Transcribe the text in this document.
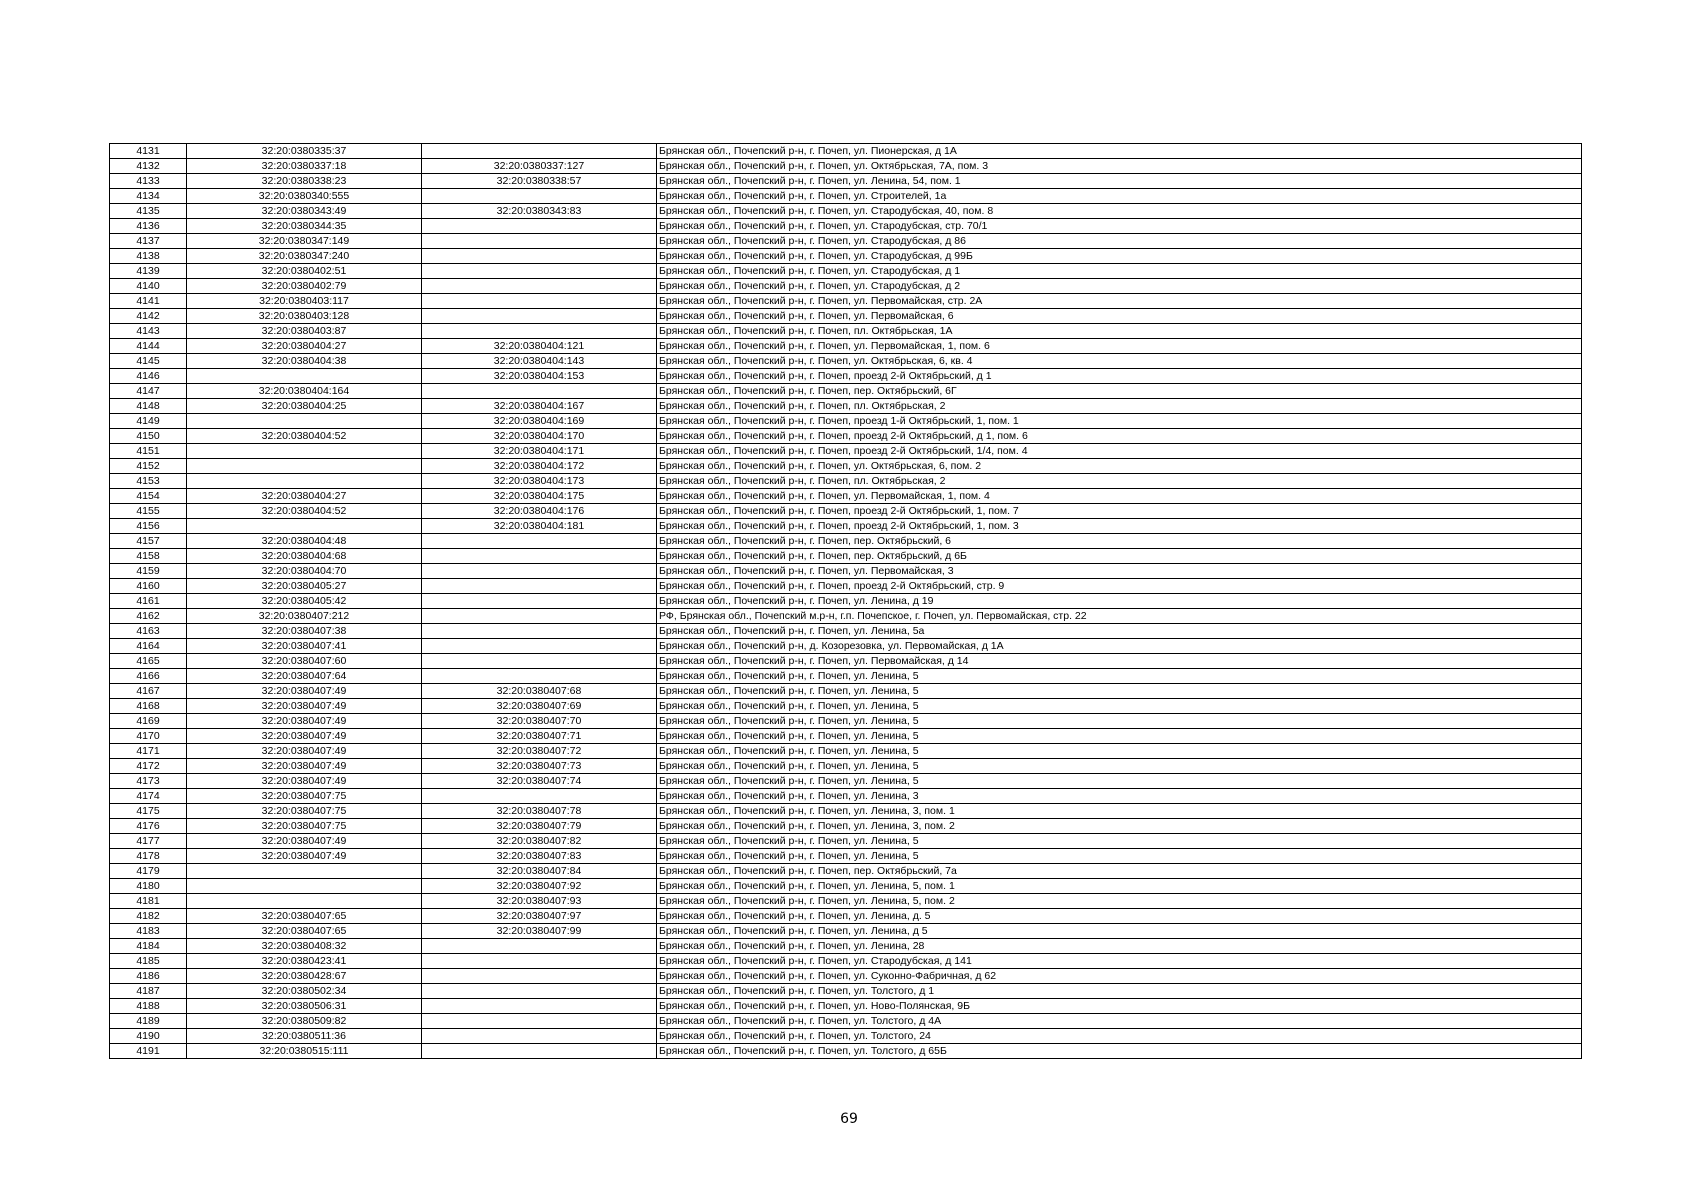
4131	32:20:0380335:37		Брянская обл., Почепский р-н, г. Почеп, ул. Пионерская, д 1А
4132	32:20:0380337:18	32:20:0380337:127	Брянская обл., Почепский р-н, г. Почеп, ул. Октябрьская, 7А, пом. 3
4133	32:20:0380338:23	32:20:0380338:57	Брянская обл., Почепский р-н, г. Почеп, ул. Ленина, 54, пом. 1
4134	32:20:0380340:555		Брянская обл., Почепский р-н, г. Почеп, ул. Строителей, 1а
4135	32:20:0380343:49	32:20:0380343:83	Брянская обл., Почепский р-н, г. Почеп, ул. Стародубская, 40, пом. 8
4136	32:20:0380344:35		Брянская обл., Почепский р-н, г. Почеп, ул. Стародубская, стр. 70/1
4137	32:20:0380347:149		Брянская обл., Почепский р-н, г. Почеп, ул. Стародубская, д 86
4138	32:20:0380347:240		Брянская обл., Почепский р-н, г. Почеп, ул. Стародубская, д 99Б
4139	32:20:0380402:51		Брянская обл., Почепский р-н, г. Почеп, ул. Стародубская, д 1
4140	32:20:0380402:79		Брянская обл., Почепский р-н, г. Почеп, ул. Стародубская, д 2
4141	32:20:0380403:117		Брянская обл., Почепский р-н, г. Почеп, ул. Первомайская, стр. 2А
4142	32:20:0380403:128		Брянская обл., Почепский р-н, г. Почеп, ул. Первомайская, 6
4143	32:20:0380403:87		Брянская обл., Почепский р-н, г. Почеп, пл. Октябрьская, 1А
4144	32:20:0380404:27	32:20:0380404:121	Брянская обл., Почепский р-н, г. Почеп, ул. Первомайская, 1, пом. 6
4145	32:20:0380404:38	32:20:0380404:143	Брянская обл., Почепский р-н, г. Почеп, ул. Октябрьская, 6, кв. 4
4146		32:20:0380404:153	Брянская обл., Почепский р-н, г. Почеп, проезд 2-й Октябрьский, д 1
4147	32:20:0380404:164		Брянская обл., Почепский р-н, г. Почеп, пер. Октябрьский, 6Г
4148	32:20:0380404:25	32:20:0380404:167	Брянская обл., Почепский р-н, г. Почеп, пл. Октябрьская, 2
4149		32:20:0380404:169	Брянская обл., Почепский р-н, г. Почеп, проезд 1-й Октябрьский, 1, пом. 1
4150	32:20:0380404:52	32:20:0380404:170	Брянская обл., Почепский р-н, г. Почеп, проезд 2-й Октябрьский, д 1, пом. 6
4151		32:20:0380404:171	Брянская обл., Почепский р-н, г. Почеп, проезд 2-й Октябрьский, 1/4, пом. 4
4152		32:20:0380404:172	Брянская обл., Почепский р-н, г. Почеп, ул. Октябрьская, 6, пом. 2
4153		32:20:0380404:173	Брянская обл., Почепский р-н, г. Почеп, пл. Октябрьская, 2
4154	32:20:0380404:27	32:20:0380404:175	Брянская обл., Почепский р-н, г. Почеп, ул. Первомайская, 1, пом. 4
4155	32:20:0380404:52	32:20:0380404:176	Брянская обл., Почепский р-н, г. Почеп, проезд 2-й Октябрьский, 1, пом. 7
4156		32:20:0380404:181	Брянская обл., Почепский р-н, г. Почеп, проезд 2-й Октябрьский, 1, пом. 3
4157	32:20:0380404:48		Брянская обл., Почепский р-н, г. Почеп, пер. Октябрьский, 6
4158	32:20:0380404:68		Брянская обл., Почепский р-н, г. Почеп, пер. Октябрьский, д 6Б
4159	32:20:0380404:70		Брянская обл., Почепский р-н, г. Почеп, ул. Первомайская, 3
4160	32:20:0380405:27		Брянская обл., Почепский р-н, г. Почеп, проезд 2-й Октябрьский, стр. 9
4161	32:20:0380405:42		Брянская обл., Почепский р-н, г. Почеп, ул. Ленина, д 19
4162	32:20:0380407:212		РФ, Брянская обл., Почепский м.р-н, г.п. Почепское, г. Почеп, ул. Первомайская, стр. 22
4163	32:20:0380407:38		Брянская обл., Почепский р-н, г. Почеп, ул. Ленина, 5а
4164	32:20:0380407:41		Брянская обл., Почепский р-н, д. Козорезовка, ул. Первомайская, д 1А
4165	32:20:0380407:60		Брянская обл., Почепский р-н, г. Почеп, ул. Первомайская, д 14
4166	32:20:0380407:64		Брянская обл., Почепский р-н, г. Почеп, ул. Ленина, 5
4167	32:20:0380407:49	32:20:0380407:68	Брянская обл., Почепский р-н, г. Почеп, ул. Ленина, 5
4168	32:20:0380407:49	32:20:0380407:69	Брянская обл., Почепский р-н, г. Почеп, ул. Ленина, 5
4169	32:20:0380407:49	32:20:0380407:70	Брянская обл., Почепский р-н, г. Почеп, ул. Ленина, 5
4170	32:20:0380407:49	32:20:0380407:71	Брянская обл., Почепский р-н, г. Почеп, ул. Ленина, 5
4171	32:20:0380407:49	32:20:0380407:72	Брянская обл., Почепский р-н, г. Почеп, ул. Ленина, 5
4172	32:20:0380407:49	32:20:0380407:73	Брянская обл., Почепский р-н, г. Почеп, ул. Ленина, 5
4173	32:20:0380407:49	32:20:0380407:74	Брянская обл., Почепский р-н, г. Почеп, ул. Ленина, 5
4174	32:20:0380407:75		Брянская обл., Почепский р-н, г. Почеп, ул. Ленина, 3
4175	32:20:0380407:75	32:20:0380407:78	Брянская обл., Почепский р-н, г. Почеп, ул. Ленина, 3, пом. 1
4176	32:20:0380407:75	32:20:0380407:79	Брянская обл., Почепский р-н, г. Почеп, ул. Ленина, 3, пом. 2
4177	32:20:0380407:49	32:20:0380407:82	Брянская обл., Почепский р-н, г. Почеп, ул. Ленина, 5
4178	32:20:0380407:49	32:20:0380407:83	Брянская обл., Почепский р-н, г. Почеп, ул. Ленина, 5
4179		32:20:0380407:84	Брянская обл., Почепский р-н, г. Почеп, пер. Октябрьский, 7а
4180		32:20:0380407:92	Брянская обл., Почепский р-н, г. Почеп, ул. Ленина, 5, пом. 1
4181		32:20:0380407:93	Брянская обл., Почепский р-н, г. Почеп, ул. Ленина, 5, пом. 2
4182	32:20:0380407:65	32:20:0380407:97	Брянская обл., Почепский р-н, г. Почеп, ул. Ленина, д. 5
4183	32:20:0380407:65	32:20:0380407:99	Брянская обл., Почепский р-н, г. Почеп, ул. Ленина, д 5
4184	32:20:0380408:32		Брянская обл., Почепский р-н, г. Почеп, ул. Ленина, 28
4185	32:20:0380423:41		Брянская обл., Почепский р-н, г. Почеп, ул. Стародубская, д 141
4186	32:20:0380428:67		Брянская обл., Почепский р-н, г. Почеп, ул. Суконно-Фабричная, д 62
4187	32:20:0380502:34		Брянская обл., Почепский р-н, г. Почеп, ул. Толстого, д 1
4188	32:20:0380506:31		Брянская обл., Почепский р-н, г. Почеп, ул. Ново-Полянская, 9Б
4189	32:20:0380509:82		Брянская обл., Почепский р-н, г. Почеп, ул. Толстого, д 4А
4190	32:20:0380511:36		Брянская обл., Почепский р-н, г. Почеп, ул. Толстого, 24
4191	32:20:0380515:111		Брянская обл., Почепский р-н, г. Почеп, ул. Толстого, д 65Б
69
